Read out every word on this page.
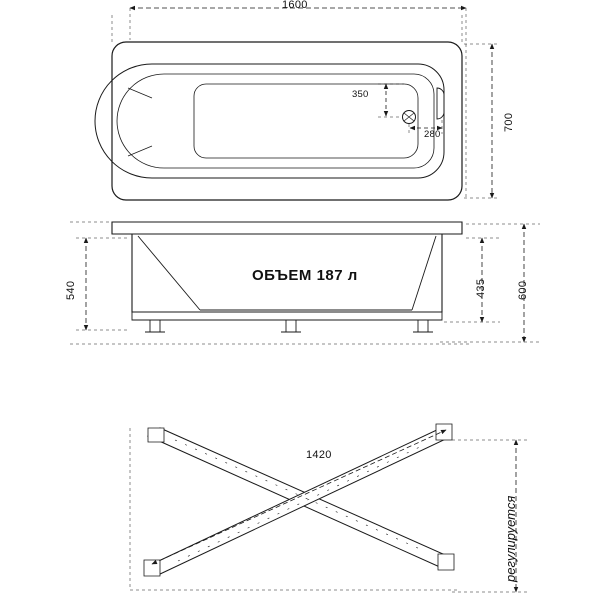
1600
700
350
280
ОБЪЕМ 187 л
540	435	600
1420
регулируется
